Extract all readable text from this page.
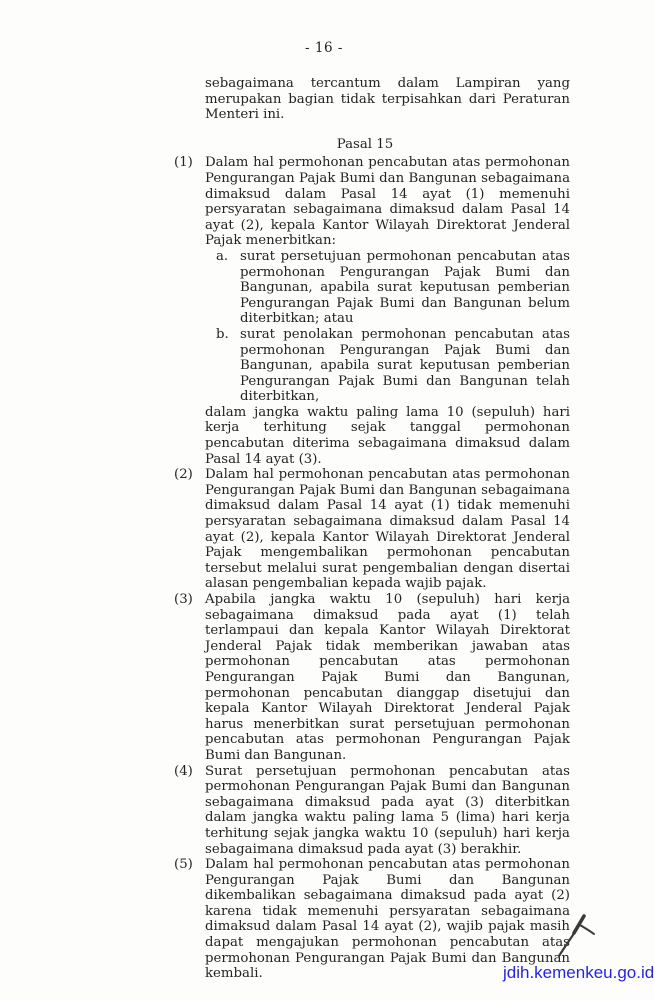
- 16 -

sebagaimana tercantum dalam Lampiran yang merupakan bagian tidak terpisahkan dari Peraturan Menteri ini.

Pasal 15
(1) Dalam hal permohonan pencabutan atas permohonan Pengurangan Pajak Bumi dan Bangunan sebagaimana dimaksud dalam Pasal 14 ayat (1) memenuhi persyaratan sebagaimana dimaksud dalam Pasal 14 ayat (2), kepala Kantor Wilayah Direktorat Jenderal Pajak menerbitkan:

a. surat persetujuan permohonan pencabutan atas permohonan Pengurangan Pajak Bumi dan Bangunan, apabila surat keputusan pemberian Pengurangan Pajak Bumi dan Bangunan belum diterbitkan; atau

b. surat penolakan permohonan pencabutan atas permohonan Pengurangan Pajak Bumi dan Bangunan, apabila surat keputusan pemberian Pengurangan Pajak Bumi dan Bangunan telah diterbitkan,

dalam jangka waktu paling lama 10 (sepuluh) hari kerja terhitung sejak tanggal permohonan pencabutan diterima sebagaimana dimaksud dalam Pasal 14 ayat (3).

(2) Dalam hal permohonan pencabutan atas permohonan Pengurangan Pajak Bumi dan Bangunan sebagaimana dimaksud dalam Pasal 14 ayat (1) tidak memenuhi persyaratan sebagaimana dimaksud dalam Pasal 14 ayat (2), kepala Kantor Wilayah Direktorat Jenderal Pajak mengembalikan permohonan pencabutan tersebut melalui surat pengembalian dengan disertai alasan pengembalian kepada wajib pajak.

(3) Apabila jangka waktu 10 (sepuluh) hari kerja sebagaimana dimaksud pada ayat (1) telah terlampaui dan kepala Kantor Wilayah Direktorat Jenderal Pajak tidak memberikan jawaban atas permohonan pencabutan atas permohonan Pengurangan Pajak Bumi dan Bangunan, permohonan pencabutan dianggap disetujui dan kepala Kantor Wilayah Direktorat Jenderal Pajak harus menerbitkan surat persetujuan permohonan pencabutan atas permohonan Pengurangan Pajak Bumi dan Bangunan.

(4) Surat persetujuan permohonan pencabutan atas permohonan Pengurangan Pajak Bumi dan Bangunan sebagaimana dimaksud pada ayat (3) diterbitkan dalam jangka waktu paling lama 5 (lima) hari kerja terhitung sejak jangka waktu 10 (sepuluh) hari kerja sebagaimana dimaksud pada ayat (3) berakhir.

(5) Dalam hal permohonan pencabutan atas permohonan Pengurangan Pajak Bumi dan Bangunan dikembalikan sebagaimana dimaksud pada ayat (2) karena tidak memenuhi persyaratan sebagaimana dimaksud dalam Pasal 14 ayat (2), wajib pajak masih dapat mengajukan permohonan pencabutan atas permohonan Pengurangan Pajak Bumi dan Bangunan kembali.	jdih.kemenkeu.go.id
